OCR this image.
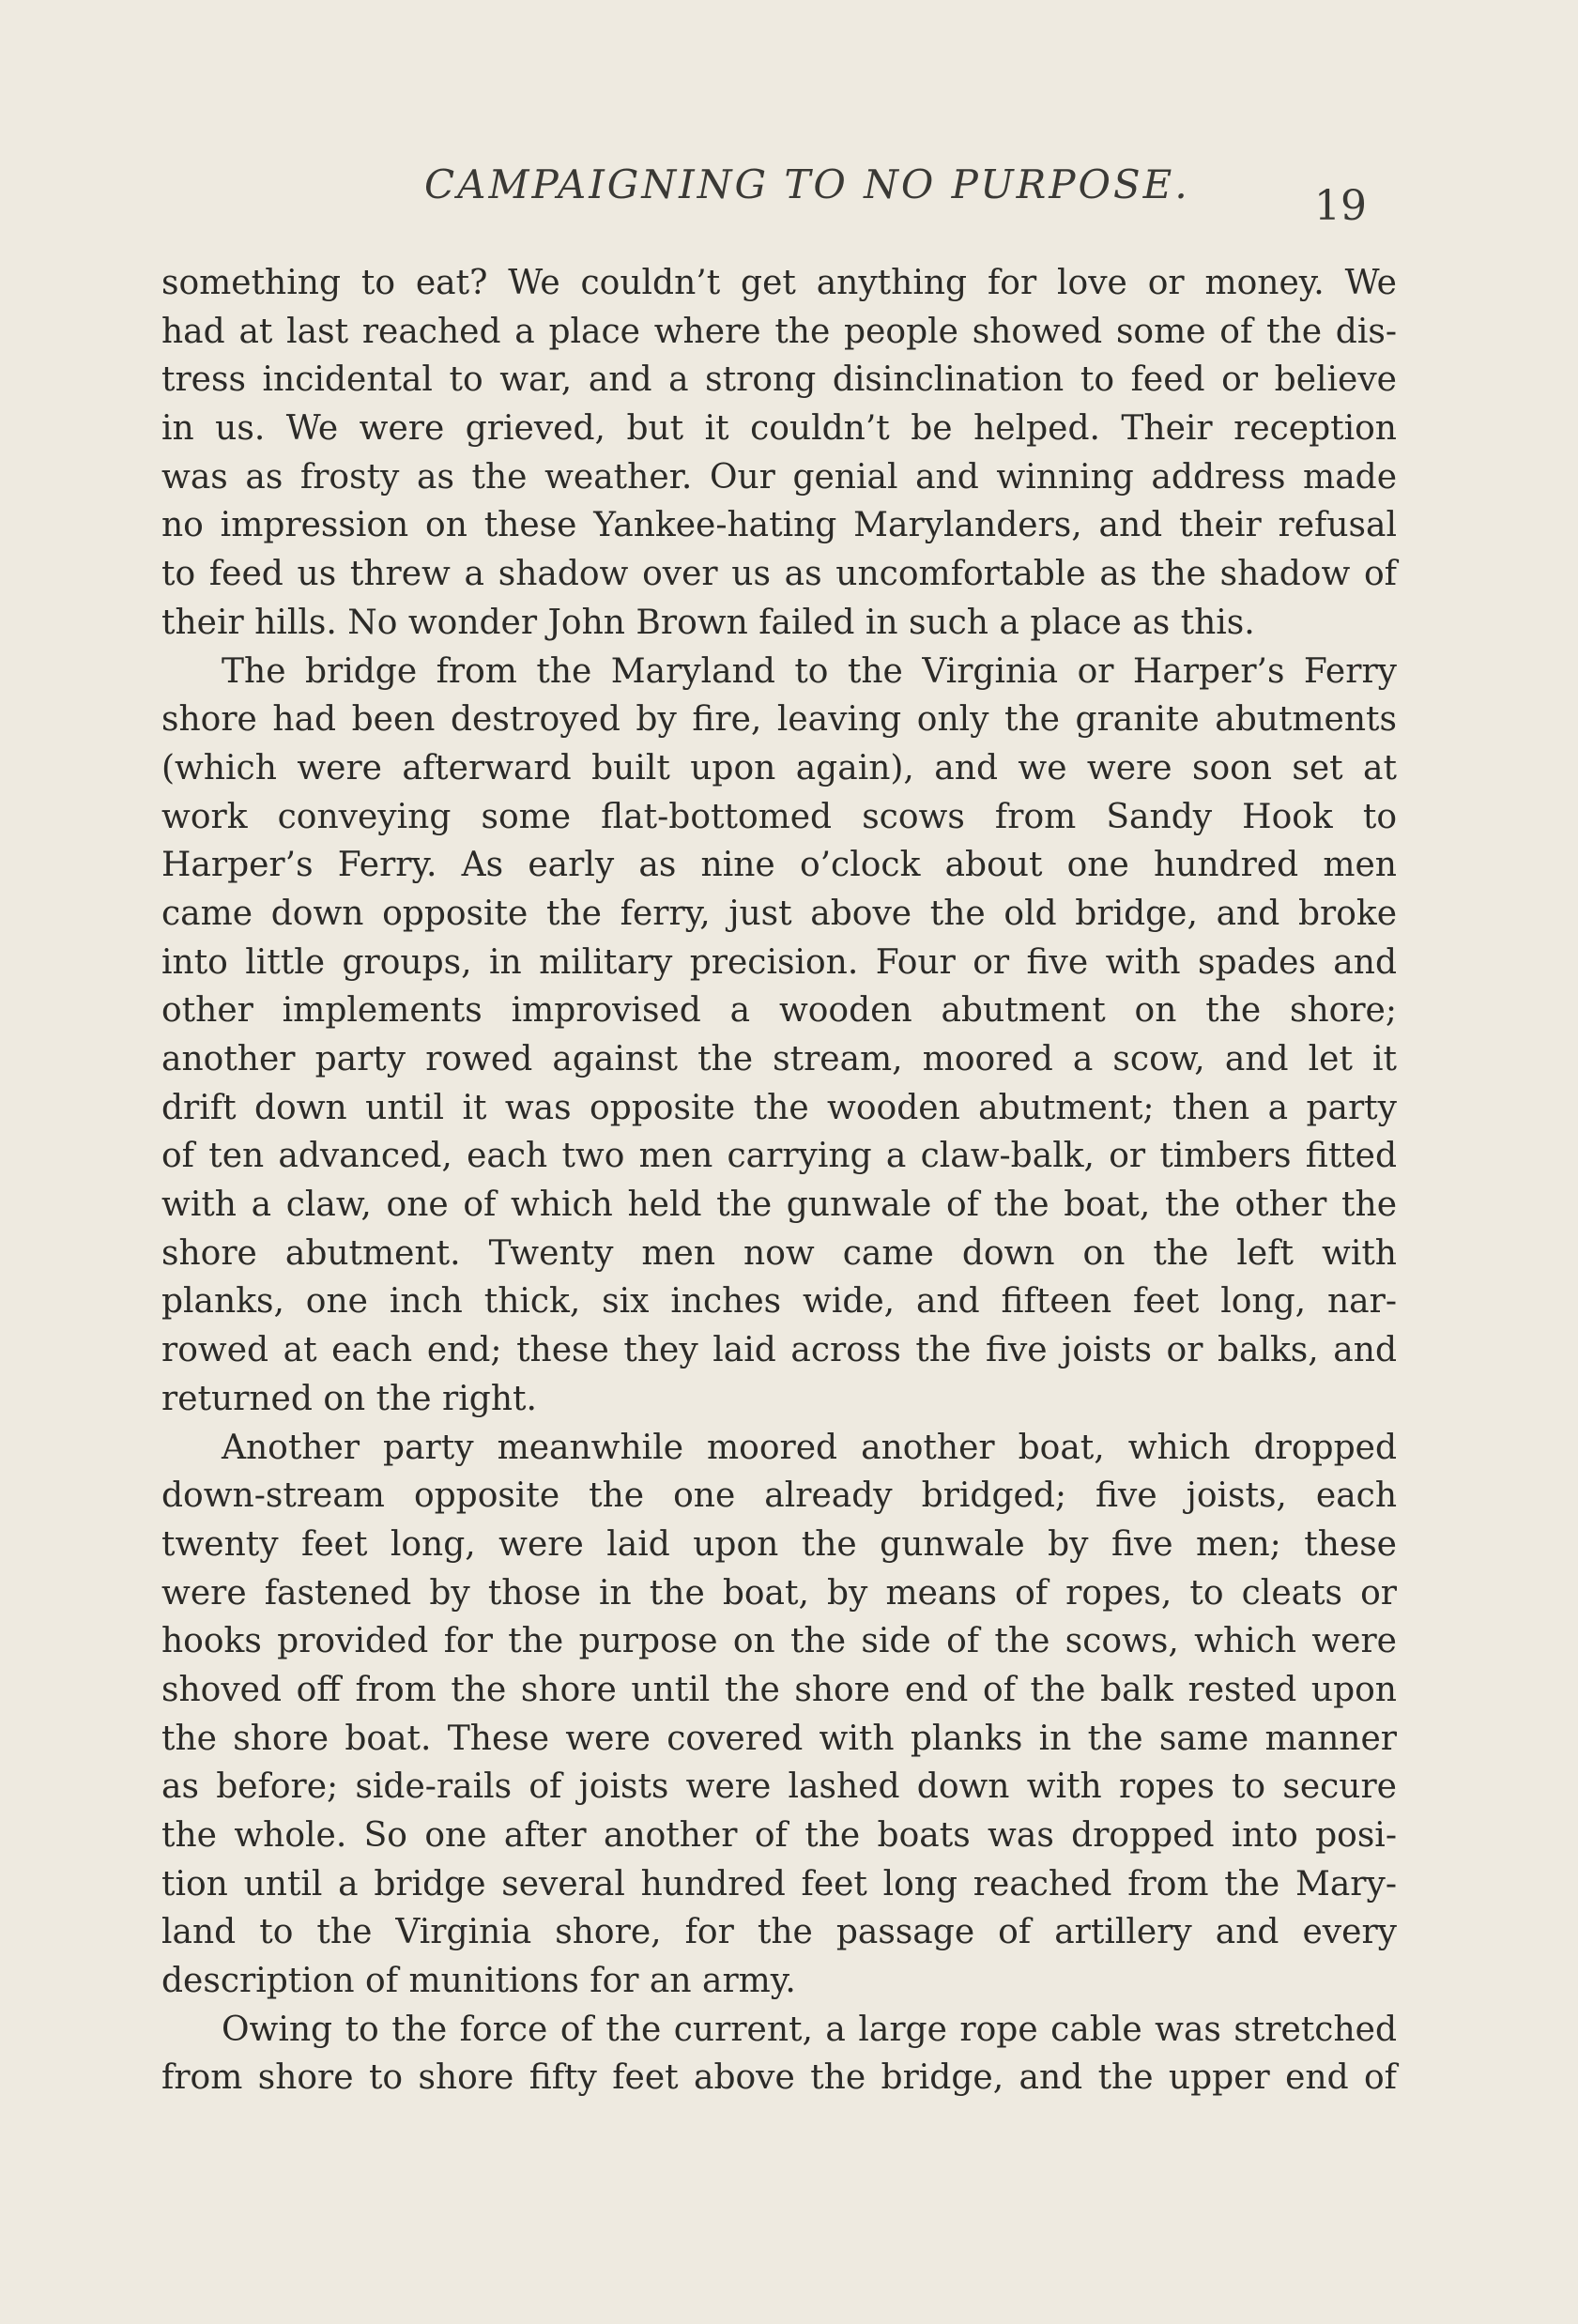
CAMPAIGNING TO NO PURPOSE.	19
something to eat? We couldn’t get anything for love or money. We
had at last reached a place where the people showed some of the dis-
tress incidental to war, and a strong disinclination to feed or believe
in us. We were grieved, but it couldn’t be helped. Their reception
was as frosty as the weather. Our genial and winning address made
no impression on these Yankee-hating Marylanders, and their refusal
to feed us threw a shadow over us as uncomfortable as the shadow of
their hills. No wonder John Brown failed in such a place as this.
The bridge from the Maryland to the Virginia or Harper’s Ferry
shore had been destroyed by fire, leaving only the granite abutments
(which were afterward built upon again), and we were soon set at
work conveying some flat-bottomed scows from Sandy Hook to
Harper’s Ferry. As early as nine o’clock about one hundred men
came down opposite the ferry, just above the old bridge, and broke
into little groups, in military precision. Four or five with spades and
other implements improvised a wooden abutment on the shore;
another party rowed against the stream, moored a scow, and let it
drift down until it was opposite the wooden abutment; then a party
of ten advanced, each two men carrying a claw-balk, or timbers fitted
with a claw, one of which held the gunwale of the boat, the other the
shore abutment. Twenty men now came down on the left with
planks, one inch thick, six inches wide, and fifteen feet long, nar-
rowed at each end; these they laid across the five joists or balks, and
returned on the right.
Another party meanwhile moored another boat, which dropped
down-stream opposite the one already bridged; five joists, each
twenty feet long, were laid upon the gunwale by five men; these
were fastened by those in the boat, by means of ropes, to cleats or
hooks provided for the purpose on the side of the scows, which were
shoved off from the shore until the shore end of the balk rested upon
the shore boat. These were covered with planks in the same manner
as before; side-rails of joists were lashed down with ropes to secure
the whole. So one after another of the boats was dropped into posi-
tion until a bridge several hundred feet long reached from the Mary-
land to the Virginia shore, for the passage of artillery and every
description of munitions for an army.
Owing to the force of the current, a large rope cable was stretched
from shore to shore fifty feet above the bridge, and the upper end of
